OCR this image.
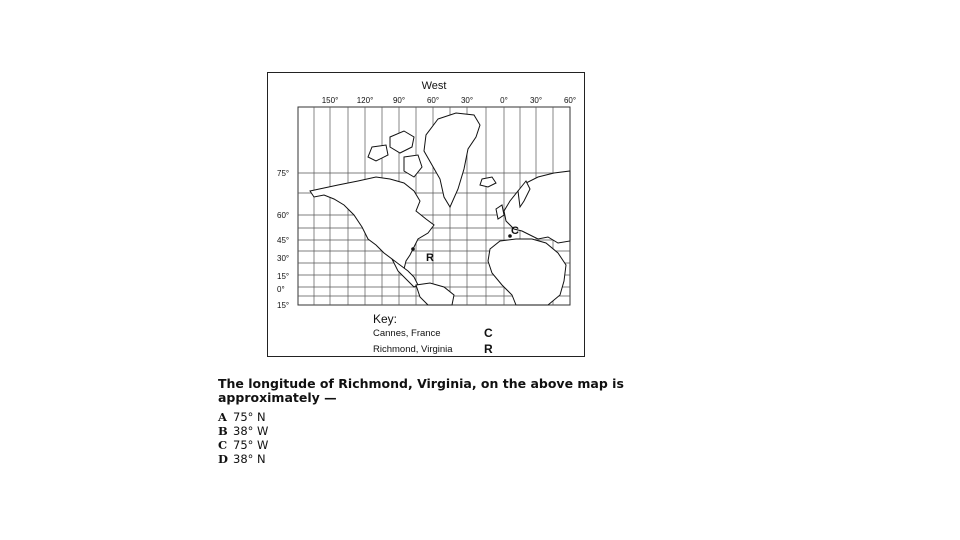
West
150° 120° 90°	60°	30°	0°	30°	60°
75°
60°
45°
30°
15°
0°
15°
R
C
Key:
Cannes, France	C
Richmond, Virginia	R
The longitude of Richmond, Virginia, on the above map is
approximately —
A 75° N
B 38° W
C 75° W
D 38° N
